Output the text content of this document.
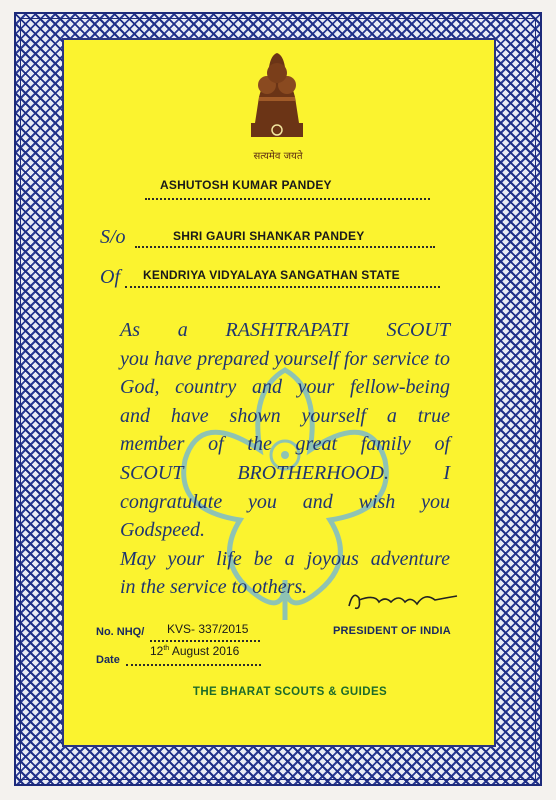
सत्यमेव जयते
ASHUTOSH KUMAR PANDEY
S/o	SHRI GAURI SHANKAR PANDEY
Of KENDRIYA VIDYALAYA SANGATHAN STATE
As a RASHTRAPATI SCOUT
you have prepared yourself for service to
God, country and your fellow-being
and have shown yourself a true
member of the great family of
SCOUT BROTHERHOOD. I
congratulate you and wish you Godspeed.
May your life be a joyous adventure
in the service to others.
No. NHQ/ KVS- 337/2015	PRESIDENT OF INDIA
Date
12th August 2016
THE BHARAT SCOUTS & GUIDES
